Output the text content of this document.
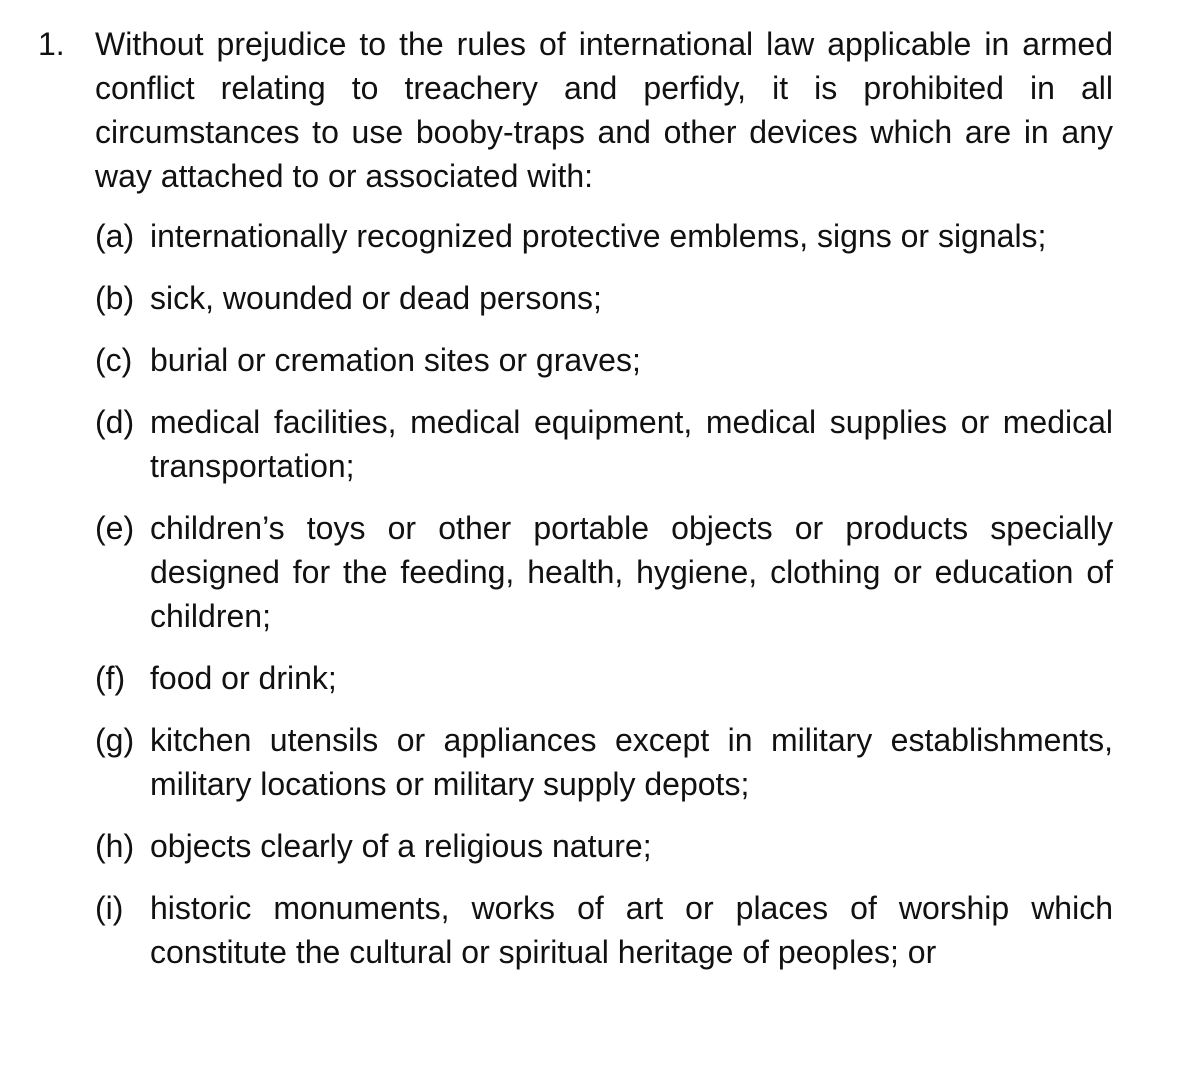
1. Without prejudice to the rules of international law applicable in armed conflict relating to treachery and perfidy, it is prohibited in all circumstances to use booby-traps and other devices which are in any way attached to or associated with:

(a) internationally recognized protective emblems, signs or signals;
(b) sick, wounded or dead persons;
(c) burial or cremation sites or graves;
(d) medical facilities, medical equipment, medical supplies or medical transportation;
(e) children’s toys or other portable objects or products specially designed for the feeding, health, hygiene, clothing or education of children;
(f) food or drink;
(g) kitchen utensils or appliances except in military establishments, military locations or military supply depots;
(h) objects clearly of a religious nature;
(i) historic monuments, works of art or places of worship which constitute the cultural or spiritual heritage of peoples; or
